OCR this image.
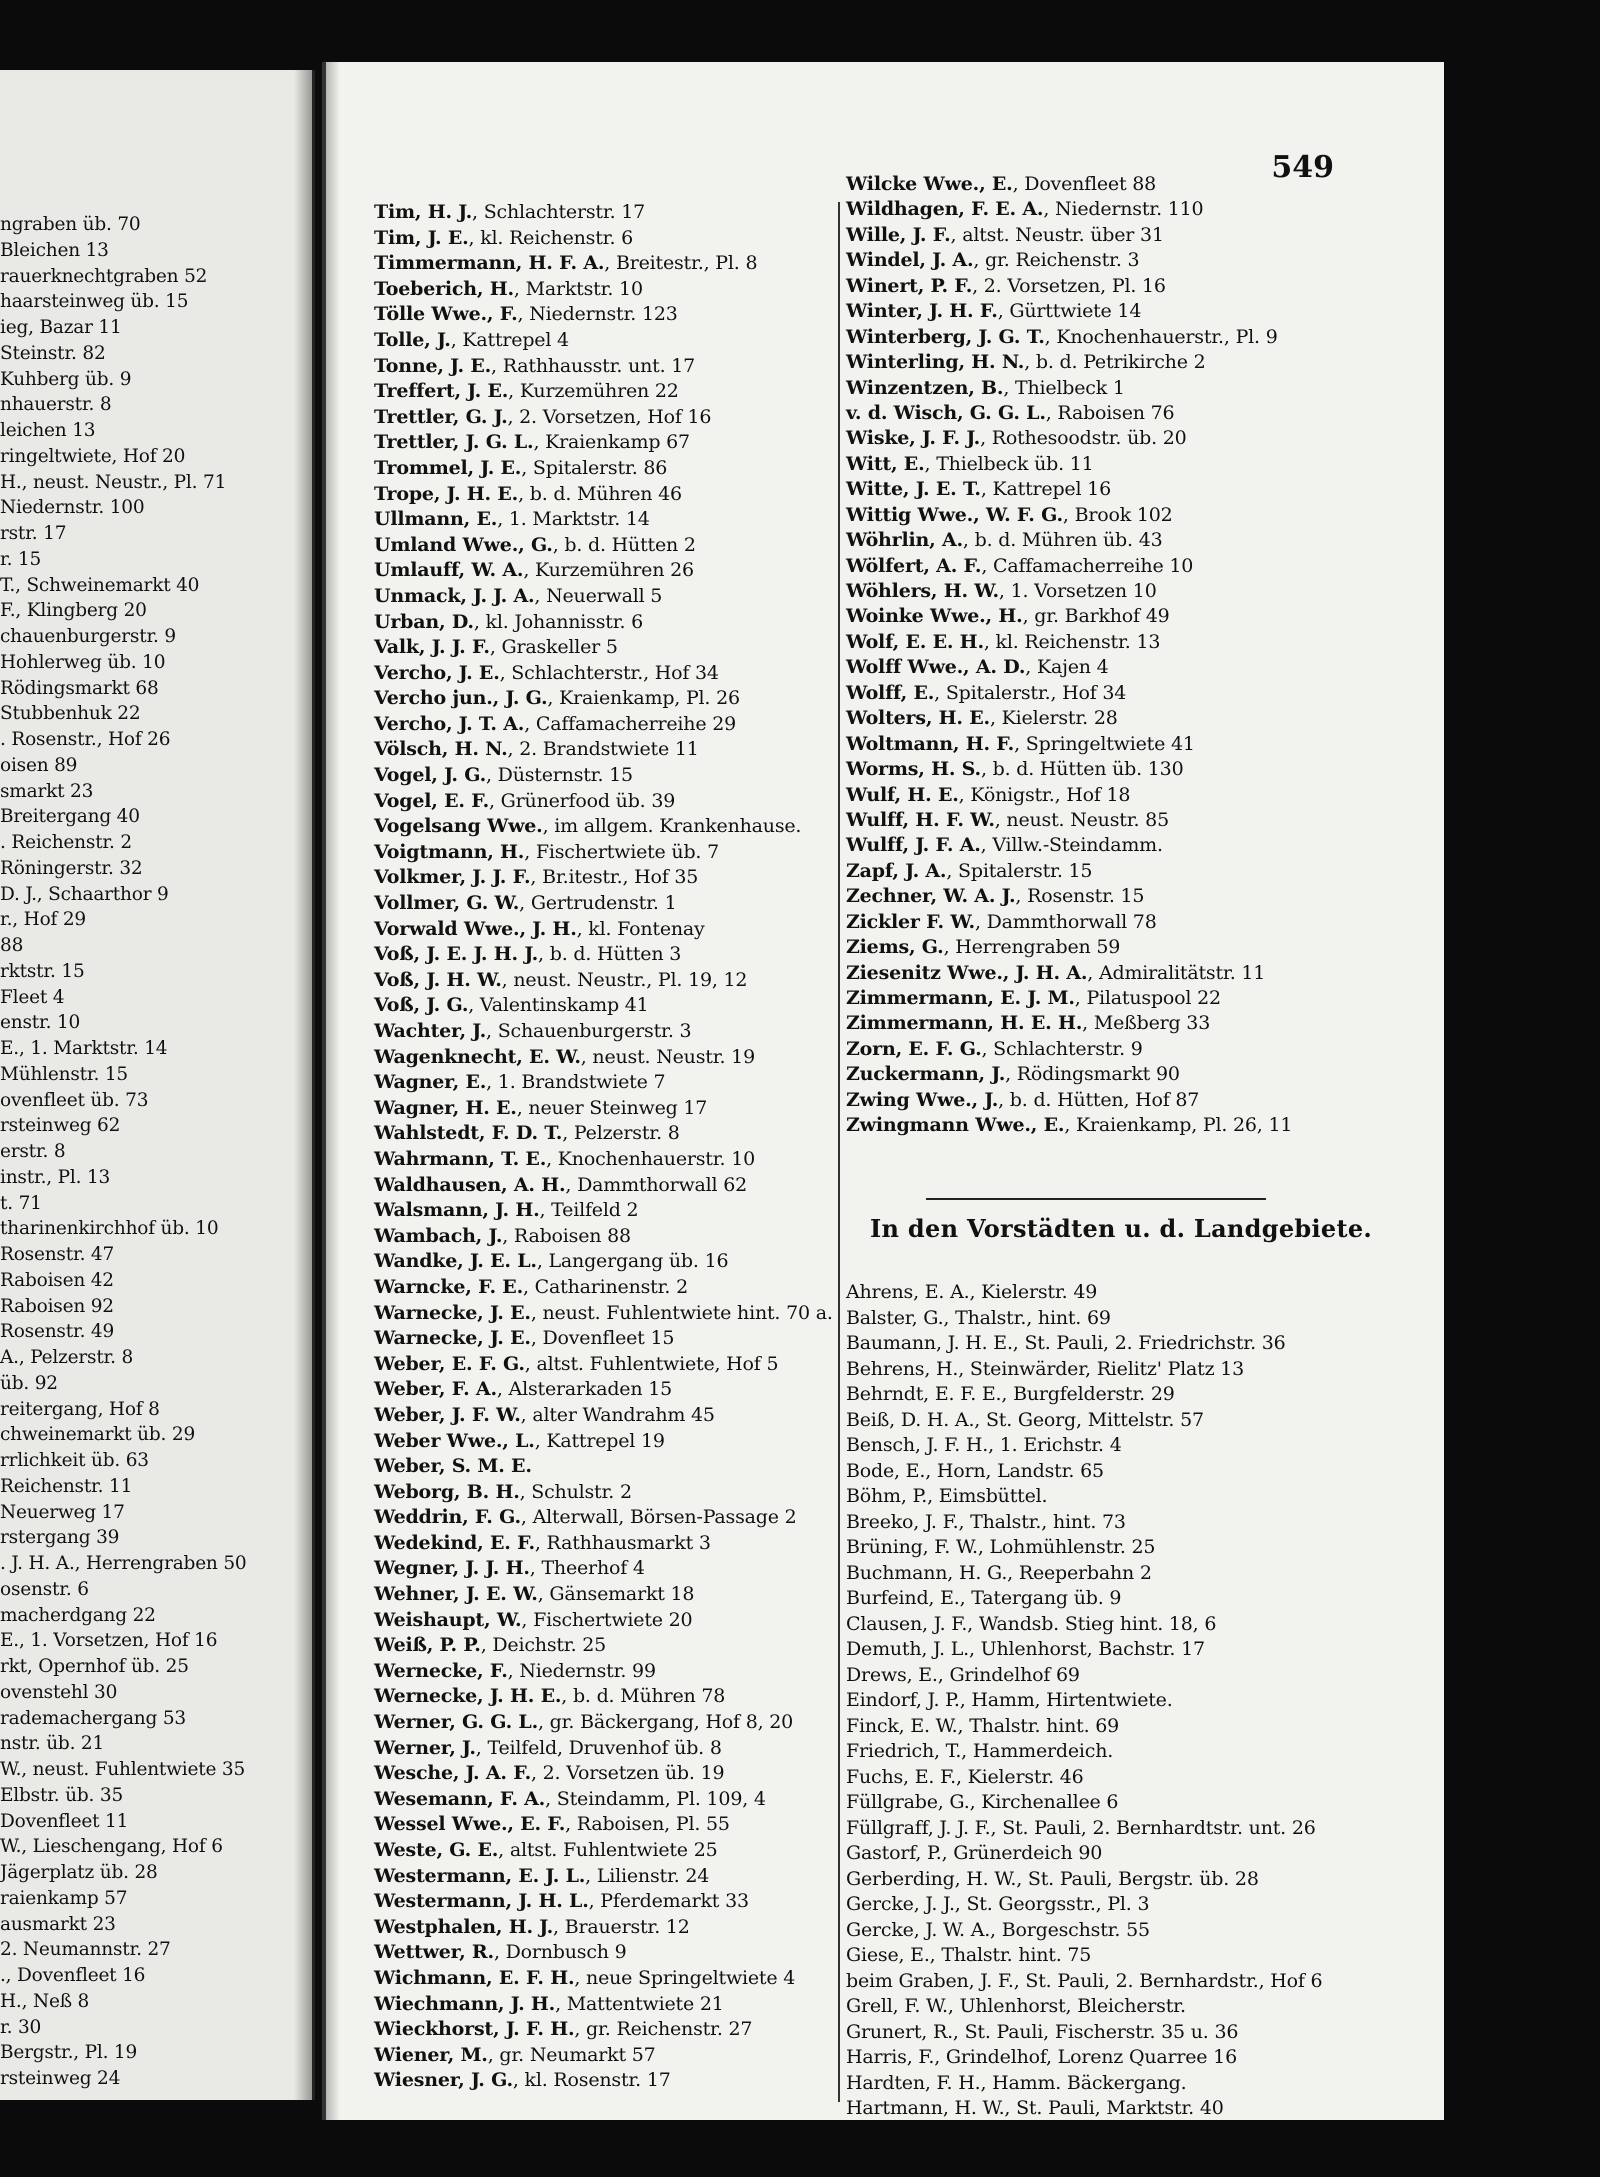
ngraben üb. 70
Bleichen 13
rauerknechtgraben 52
haarsteinweg üb. 15
ieg, Bazar 11
Steinstr. 82
Kuhberg üb. 9
nhauerstr. 8
leichen 13
ringeltwiete, Hof 20
H., neust. Neustr., Pl. 71
Niedernstr. 100
rstr. 17
r. 15
T., Schweinemarkt 40
F., Klingberg 20
chauenburgerstr. 9
Hohlerweg üb. 10
Rödingsmarkt 68
Stubbenhuk 22
. Rosenstr., Hof 26
oisen 89
smarkt 23
Breitergang 40
. Reichenstr. 2
Röningerstr. 32
D. J., Schaarthor 9
r., Hof 29
88
rktstr. 15
Fleet 4
enstr. 10
E., 1. Marktstr. 14
Mühlenstr. 15
ovenfleet üb. 73
rsteinweg 62
erstr. 8
instr., Pl. 13
t. 71
tharinenkirchhof üb. 10
Rosenstr. 47
Raboisen 42
Raboisen 92
Rosenstr. 49
A., Pelzerstr. 8
üb. 92
reitergang, Hof 8
chweinemarkt üb. 29
rrlichkeit üb. 63
Reichenstr. 11
Neuerweg 17
rstergang 39
. J. H. A., Herrengraben 50
osenstr. 6
macherdgang 22
E., 1. Vorsetzen, Hof 16
rkt, Opernhof üb. 25
ovenstehl 30
rademachergang 53
nstr. üb. 21
W., neust. Fuhlentwiete 35
Elbstr. üb. 35
Dovenfleet 11
W., Lieschengang, Hof 6
Jägerplatz üb. 28
raienkamp 57
ausmarkt 23
2. Neumannstr. 27
., Dovenfleet 16
H., Neß 8
r. 30
Bergstr., Pl. 19
rsteinweg 24
549
Tim, H. J., Schlachterstr. 17
Tim, J. E., kl. Reichenstr. 6
Timmermann, H. F. A., Breitestr., Pl. 8
Toeberich, H., Marktstr. 10
Tölle Wwe., F., Niedernstr. 123
Tolle, J., Kattrepel 4
Tonne, J. E., Rathhausstr. unt. 17
Treffert, J. E., Kurzemühren 22
Trettler, G. J., 2. Vorsetzen, Hof 16
Trettler, J. G. L., Kraienkamp 67
Trommel, J. E., Spitalerstr. 86
Trope, J. H. E., b. d. Mühren 46
Ullmann, E., 1. Marktstr. 14
Umland Wwe., G., b. d. Hütten 2
Umlauff, W. A., Kurzemühren 26
Unmack, J. J. A., Neuerwall 5
Urban, D., kl. Johannisstr. 6
Valk, J. J. F., Graskeller 5
Vercho, J. E., Schlachterstr., Hof 34
Vercho jun., J. G., Kraienkamp, Pl. 26
Vercho, J. T. A., Caffamacherreihe 29
Völsch, H. N., 2. Brandstwiete 11
Vogel, J. G., Düsternstr. 15
Vogel, E. F., Grünerfood üb. 39
Vogelsang Wwe., im allgem. Krankenhause.
Voigtmann, H., Fischertwiete üb. 7
Volkmer, J. J. F., Br.itestr., Hof 35
Vollmer, G. W., Gertrudenstr. 1
Vorwald Wwe., J. H., kl. Fontenay
Voß, J. E. J. H. J., b. d. Hütten 3
Voß, J. H. W., neust. Neustr., Pl. 19, 12
Voß, J. G., Valentinskamp 41
Wachter, J., Schauenburgerstr. 3
Wagenknecht, E. W., neust. Neustr. 19
Wagner, E., 1. Brandstwiete 7
Wagner, H. E., neuer Steinweg 17
Wahlstedt, F. D. T., Pelzerstr. 8
Wahrmann, T. E., Knochenhauerstr. 10
Waldhausen, A. H., Dammthorwall 62
Walsmann, J. H., Teilfeld 2
Wambach, J., Raboisen 88
Wandke, J. E. L., Langergang üb. 16
Warncke, F. E., Catharinenstr. 2
Warnecke, J. E., neust. Fuhlentwiete hint. 70 a.
Warnecke, J. E., Dovenfleet 15
Weber, E. F. G., altst. Fuhlentwiete, Hof 5
Weber, F. A., Alsterarkaden 15
Weber, J. F. W., alter Wandrahm 45
Weber Wwe., L., Kattrepel 19
Weber, S. M. E.
Weborg, B. H., Schulstr. 2
Weddrin, F. G., Alterwall, Börsen-Passage 2
Wedekind, E. F., Rathhausmarkt 3
Wegner, J. J. H., Theerhof 4
Wehner, J. E. W., Gänsemarkt 18
Weishaupt, W., Fischertwiete 20
Weiß, P. P., Deichstr. 25
Wernecke, F., Niedernstr. 99
Wernecke, J. H. E., b. d. Mühren 78
Werner, G. G. L., gr. Bäckergang, Hof 8, 20
Werner, J., Teilfeld, Druvenhof üb. 8
Wesche, J. A. F., 2. Vorsetzen üb. 19
Wesemann, F. A., Steindamm, Pl. 109, 4
Wessel Wwe., E. F., Raboisen, Pl. 55
Weste, G. E., altst. Fuhlentwiete 25
Westermann, E. J. L., Lilienstr. 24
Westermann, J. H. L., Pferdemarkt 33
Westphalen, H. J., Brauerstr. 12
Wettwer, R., Dornbusch 9
Wichmann, E. F. H., neue Springeltwiete 4
Wiechmann, J. H., Mattentwiete 21
Wieckhorst, J. F. H., gr. Reichenstr. 27
Wiener, M., gr. Neumarkt 57
Wiesner, J. G., kl. Rosenstr. 17
Wilcke Wwe., E., Dovenfleet 88
Wildhagen, F. E. A., Niedernstr. 110
Wille, J. F., altst. Neustr. über 31
Windel, J. A., gr. Reichenstr. 3
Winert, P. F., 2. Vorsetzen, Pl. 16
Winter, J. H. F., Gürttwiete 14
Winterberg, J. G. T., Knochenhauerstr., Pl. 9
Winterling, H. N., b. d. Petrikirche 2
Winzentzen, B., Thielbeck 1
v. d. Wisch, G. G. L., Raboisen 76
Wiske, J. F. J., Rothesoodstr. üb. 20
Witt, E., Thielbeck üb. 11
Witte, J. E. T., Kattrepel 16
Wittig Wwe., W. F. G., Brook 102
Wöhrlin, A., b. d. Mühren üb. 43
Wölfert, A. F., Caffamacherreihe 10
Wöhlers, H. W., 1. Vorsetzen 10
Woinke Wwe., H., gr. Barkhof 49
Wolf, E. E. H., kl. Reichenstr. 13
Wolff Wwe., A. D., Kajen 4
Wolff, E., Spitalerstr., Hof 34
Wolters, H. E., Kielerstr. 28
Woltmann, H. F., Springeltwiete 41
Worms, H. S., b. d. Hütten üb. 130
Wulf, H. E., Königstr., Hof 18
Wulff, H. F. W., neust. Neustr. 85
Wulff, J. F. A., Villw.-Steindamm.
Zapf, J. A., Spitalerstr. 15
Zechner, W. A. J., Rosenstr. 15
Zickler F. W., Dammthorwall 78
Ziems, G., Herrengraben 59
Ziesenitz Wwe., J. H. A., Admiralitätstr. 11
Zimmermann, E. J. M., Pilatuspool 22
Zimmermann, H. E. H., Meßberg 33
Zorn, E. F. G., Schlachterstr. 9
Zuckermann, J., Rödingsmarkt 90
Zwing Wwe., J., b. d. Hütten, Hof 87
Zwingmann Wwe., E., Kraienkamp, Pl. 26, 11
In den Vorstädten u. d. Landgebiete.
Ahrens, E. A., Kielerstr. 49
Balster, G., Thalstr., hint. 69
Baumann, J. H. E., St. Pauli, 2. Friedrichstr. 36
Behrens, H., Steinwärder, Rielitz' Platz 13
Behrndt, E. F. E., Burgfelderstr. 29
Beiß, D. H. A., St. Georg, Mittelstr. 57
Bensch, J. F. H., 1. Erichstr. 4
Bode, E., Horn, Landstr. 65
Böhm, P., Eimsbüttel.
Breeko, J. F., Thalstr., hint. 73
Brüning, F. W., Lohmühlenstr. 25
Buchmann, H. G., Reeperbahn 2
Burfeind, E., Tatergang üb. 9
Clausen, J. F., Wandsb. Stieg hint. 18, 6
Demuth, J. L., Uhlenhorst, Bachstr. 17
Drews, E., Grindelhof 69
Eindorf, J. P., Hamm, Hirtentwiete.
Finck, E. W., Thalstr. hint. 69
Friedrich, T., Hammerdeich.
Fuchs, E. F., Kielerstr. 46
Füllgrabe, G., Kirchenallee 6
Füllgraff, J. J. F., St. Pauli, 2. Bernhardtstr. unt. 26
Gastorf, P., Grünerdeich 90
Gerberding, H. W., St. Pauli, Bergstr. üb. 28
Gercke, J. J., St. Georgsstr., Pl. 3
Gercke, J. W. A., Borgeschstr. 55
Giese, E., Thalstr. hint. 75
beim Graben, J. F., St. Pauli, 2. Bernhardstr., Hof 6
Grell, F. W., Uhlenhorst, Bleicherstr.
Grunert, R., St. Pauli, Fischerstr. 35 u. 36
Harris, F., Grindelhof, Lorenz Quarree 16
Hardten, F. H., Hamm. Bäckergang.
Hartmann, H. W., St. Pauli, Marktstr. 40
